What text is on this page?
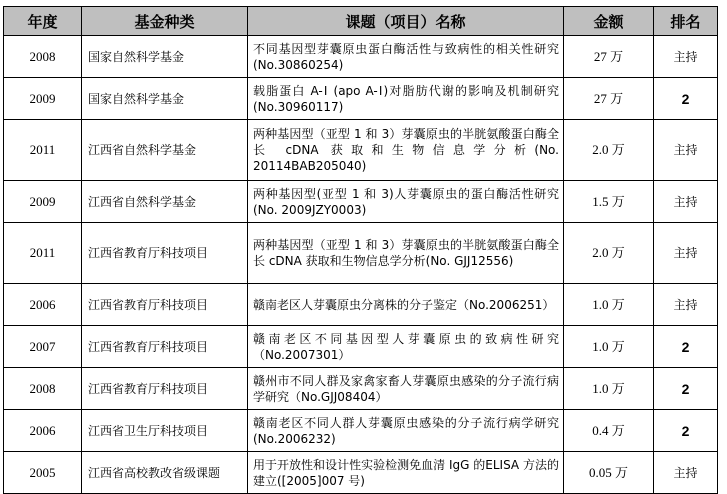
年度	基金种类	课题（项目）名称	金额	排名
2008	国家自然科学基金	不同基因型芽囊原虫蛋白酶活性与致病性的相关性研究(No.30860254)	27 万	主持
2009	国家自然科学基金	载脂蛋白 A-Ⅰ (apo A-Ⅰ)对脂肪代谢的影响及机制研究(No.30960117)	27 万	2
2011	江西省自然科学基金	两种基因型（亚型 1 和 3）芽囊原虫的半胱氨酸蛋白酶全长 cDNA 获取和生物信息学分析(No. 20114BAB205040)	2.0 万	主持
2009	江西省自然科学基金	两种基因型(亚型 1 和 3)人芽囊原虫的蛋白酶活性研究(No. 2009JZY0003)	1.5 万	主持
2011	江西省教育厅科技项目	两种基因型（亚型 1 和 3）芽囊原虫的半胱氨酸蛋白酶全长 cDNA 获取和生物信息学分析(No. GJJ12556)	2.0 万	主持
2006	江西省教育厅科技项目	赣南老区人芽囊原虫分离株的分子鉴定（No.2006251）	1.0 万	主持
2007	江西省教育厅科技项目	赣南老区不同基因型人芽囊原虫的致病性研究（No.2007301）	1.0 万	2
2008	江西省教育厅科技项目	赣州市不同人群及家禽家畜人芽囊原虫感染的分子流行病学研究（No.GJJ08404）	1.0 万	2
2006	江西省卫生厅科技项目	赣南老区不同人群人芽囊原虫感染的分子流行病学研究(No.2006232)	0.4 万	2
2005	江西省高校教改省级课题	用于开放性和设计性实验检测免血清 IgG 的ELISA 方法的建立([2005]007 号)	0.05 万	主持
